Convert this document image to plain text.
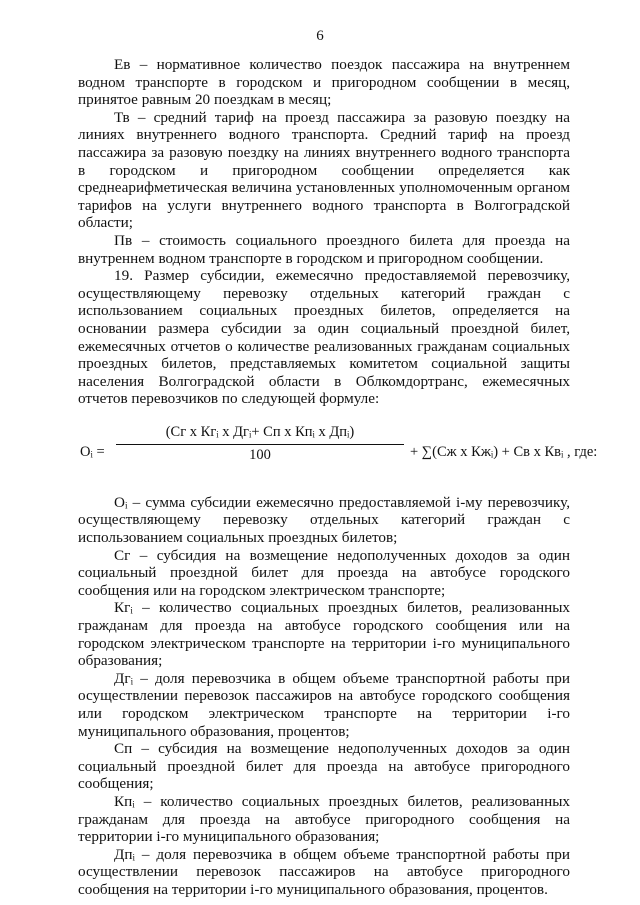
6

Ев – нормативное количество поездок пассажира на внутреннем водном транспорте в городском и пригородном сообщении в месяц, принятое равным 20 поездкам в месяц;

Тв – средний тариф на проезд пассажира за разовую поездку на линиях внутреннего водного транспорта. Средний тариф на проезд пассажира за разовую поездку на линиях внутреннего водного транспорта в городском и пригородном сообщении определяется как среднеарифметическая величина установленных уполномоченным органом тарифов на услуги внутреннего водного транспорта в Волгоградской области;

Пв – стоимость социального проездного билета для проезда на внутреннем водном транспорте в городском и пригородном сообщении.

19. Размер субсидии, ежемесячно предоставляемой перевозчику, осуществляющему перевозку отдельных категорий граждан с использованием социальных проездных билетов, определяется на основании размера субсидии за один социальный проездной билет, ежемесячных отчетов о количестве реализованных гражданам социальных проездных билетов, представляемых комитетом социальной защиты населения Волгоградской области в Облкомдортранс, ежемесячных отчетов перевозчиков по следующей формуле:

Oᵢ =
(Сг х Кгᵢ х Дгᵢ+ Сп х Кпᵢ х Дпᵢ)
100	+ ∑(Сж х Кжᵢ) + Св х Квᵢ , где:

Oᵢ – сумма субсидии ежемесячно предоставляемой i-му перевозчику, осуществляющему перевозку отдельных категорий граждан с использованием социальных проездных билетов;

Сг – субсидия на возмещение недополученных доходов за один социальный проездной билет для проезда на автобусе городского сообщения или на городском электрическом транспорте;

Кгᵢ – количество социальных проездных билетов, реализованных гражданам для проезда на автобусе городского сообщения или на городском электрическом транспорте на территории i-го муниципального образования;

Дгᵢ – доля перевозчика в общем объеме транспортной работы при осуществлении перевозок пассажиров на автобусе городского сообщения или городском электрическом транспорте на территории i-го муниципального образования, процентов;

Сп – субсидия на возмещение недополученных доходов за один социальный проездной билет для проезда на автобусе пригородного сообщения;

Кпᵢ – количество социальных проездных билетов, реализованных гражданам для проезда на автобусе пригородного сообщения на территории i-го муниципального образования;

Дпᵢ – доля перевозчика в общем объеме транспортной работы при осуществлении перевозок пассажиров на автобусе пригородного сообщения на территории i-го муниципального образования, процентов.
